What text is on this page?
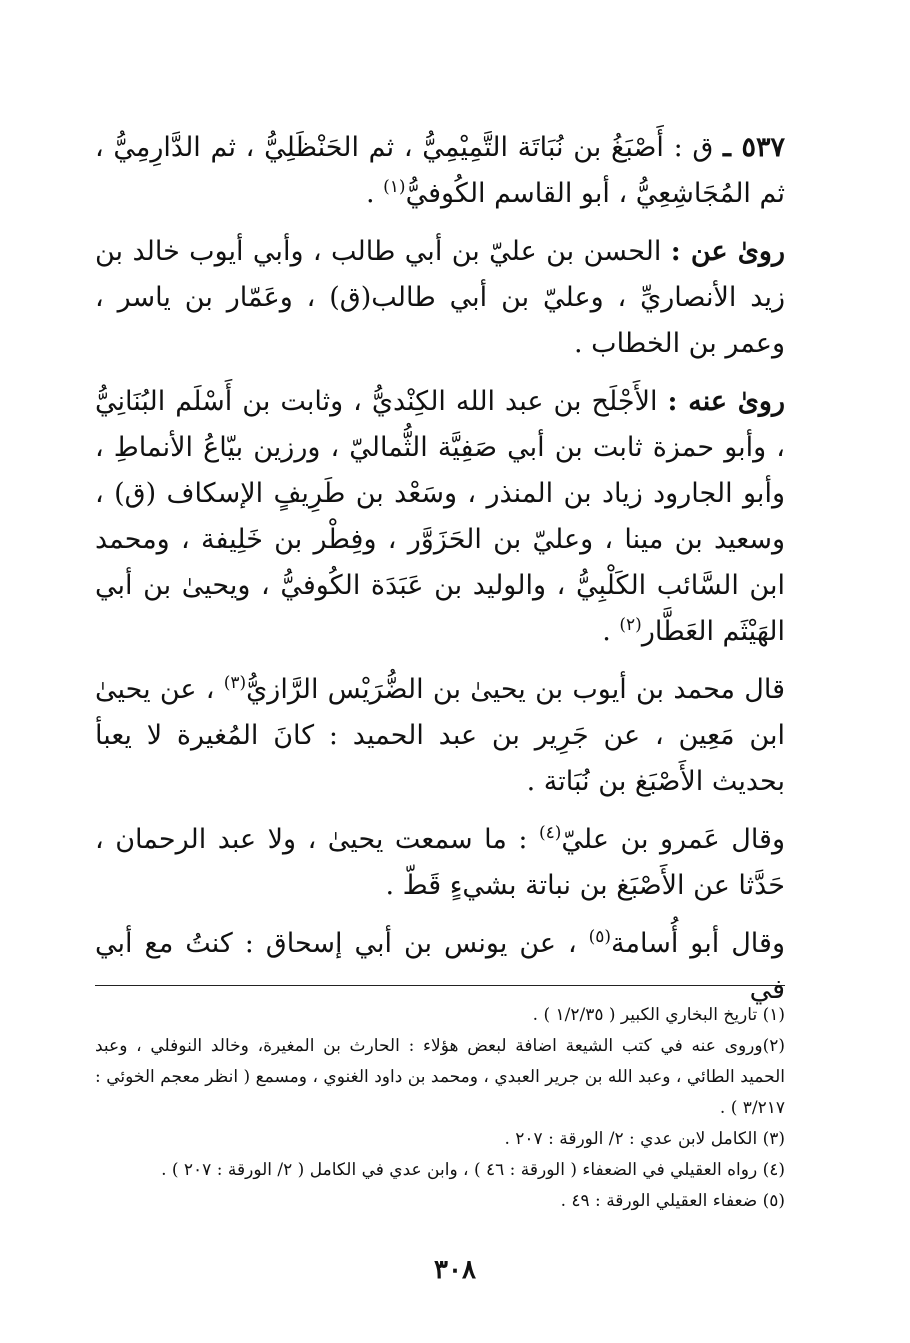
٥٣٧ ـ ق : أَصْبَغُ بن نُبَاتَة التَّمِيْمِيُّ ، ثم الحَنْظَلِيُّ ، ثم الدَّارِمِيُّ ، ثم المُجَاشِعِيُّ ، أبو القاسم الكُوفيُّ$^{(١)}$ .

روىٰ عن : الحسن بن عليّ بن أبي طالب ، وأبي أيوب خالد بن زيد الأنصاريِّ ، وعليّ بن أبي طالب(ق) ، وعَمّار بن ياسر ، وعمر بن الخطاب .

روىٰ عنه : الأَجْلَح بن عبد الله الكِنْديُّ ، وثابت بن أَسْلَم البُنَانِيُّ ، وأبو حمزة ثابت بن أبي صَفِيَّة الثُّماليّ ، ورزين بيّاعُ الأنماطِ ، وأبو الجارود زياد بن المنذر ، وسَعْد بن طَرِيفٍ الإسكاف (ق) ، وسعيد بن مينا ، وعليّ بن الحَزَوَّر ، وفِطْر بن خَلِيفة ، ومحمد ابن السَّائب الكَلْبِيُّ ، والوليد بن عَبَدَة الكُوفيُّ ، ويحيىٰ بن أبي الهَيْثَم العَطَّار$^{(٢)}$ .

قال محمد بن أيوب بن يحيىٰ بن الضُّرَيْس الرَّازيُّ$^{(٣)}$ ، عن يحيىٰ ابن مَعِين ، عن جَرِير بن عبد الحميد : كانَ المُغيرة لا يعبأ بحديث الأَصْبَغ بن نُبَاتة .

وقال عَمرو بن عليّ$^{(٤)}$ : ما سمعت يحيىٰ ، ولا عبد الرحمان ، حَدَّثا عن الأَصْبَغ بن نباتة بشيءٍ قَطّ .

وقال أبو أُسامة$^{(٥)}$ ، عن يونس بن أبي إسحاق : كنتُ مع أبي في

(١) تاريخ البخاري الكبير ( ١/٢/٣٥ ) .

(٢)وروى عنه في كتب الشيعة اضافة لبعض هؤلاء : الحارث بن المغيرة، وخالد النوفلي ، وعبد الحميد الطائي ، وعبد الله بن جرير العبدي ، ومحمد بن داود الغنوي ، ومسمع ( انظر معجم الخوئي : ٣/٢١٧ ) .

(٣) الكامل لابن عدي : ٢/ الورقة : ٢٠٧ .

(٤) رواه العقيلي في الضعفاء ( الورقة : ٤٦ ) ، وابن عدي في الكامل ( ٢/ الورقة : ٢٠٧ ) .

(٥) ضعفاء العقيلي الورقة : ٤٩ .

٣٠٨
